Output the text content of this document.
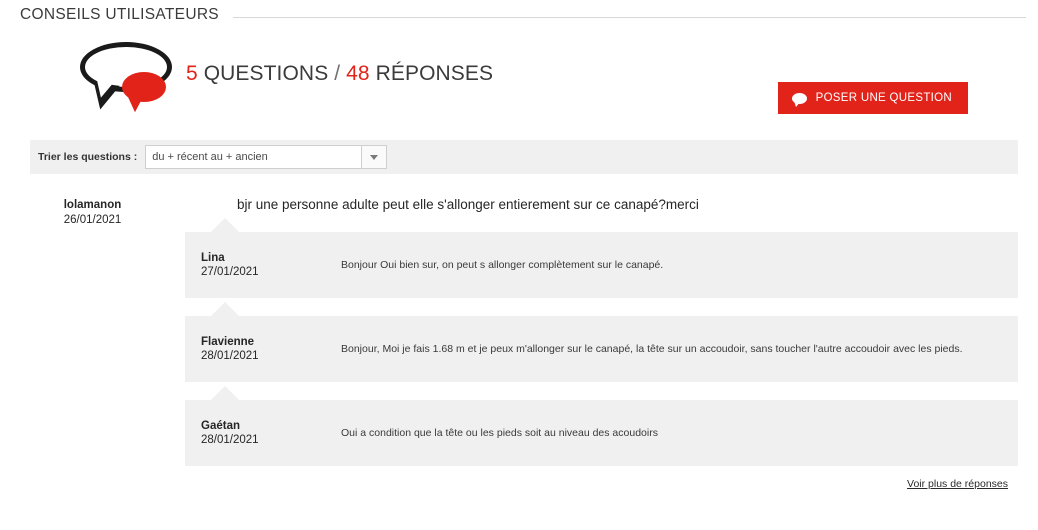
CONSEILS UTILISATEURS
5 QUESTIONS / 48 RÉPONSES
POSER UNE QUESTION
Trier les questions :	du + récent au + ancien
lolamanon
26/01/2021
bjr une personne adulte peut elle s'allonger entierement sur ce canapé?merci
Lina
27/01/2021
Bonjour Oui bien sur, on peut s allonger complètement sur le canapé.
Flavienne
28/01/2021
Bonjour, Moi je fais 1.68 m et je peux m'allonger sur le canapé, la tête sur un accoudoir, sans toucher l'autre accoudoir avec les pieds.
Gaétan
28/01/2021
Oui a condition que la tête ou les pieds soit au niveau des acoudoirs
Voir plus de réponses
